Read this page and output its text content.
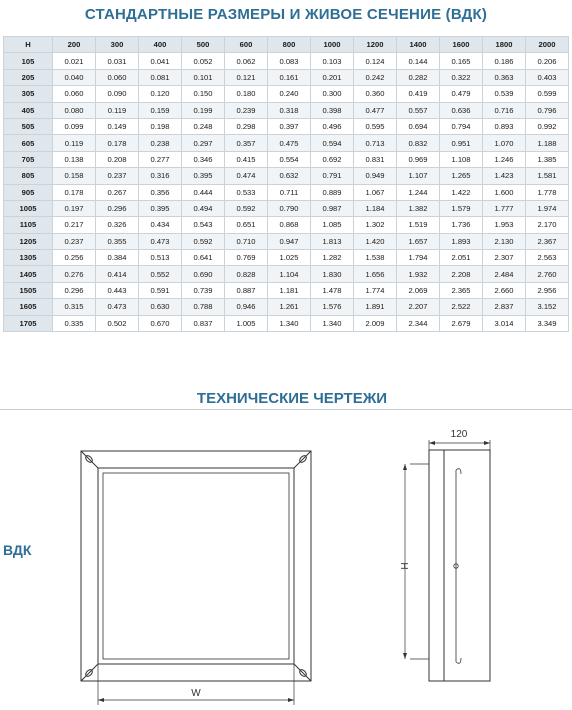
СТАНДАРТНЫЕ РАЗМЕРЫ И ЖИВОЕ СЕЧЕНИЕ (ВДК)
H	200	300	400	500	600	800	1000	1200	1400	1600	1800	2000
105	0.021	0.031	0.041	0.052	0.062	0.083	0.103	0.124	0.144	0.165	0.186	0.206
205	0.040	0.060	0.081	0.101	0.121	0.161	0.201	0.242	0.282	0.322	0.363	0.403
305	0.060	0.090	0.120	0.150	0.180	0.240	0.300	0.360	0.419	0.479	0.539	0.599
405	0.080	0.119	0.159	0.199	0.239	0.318	0.398	0.477	0.557	0.636	0.716	0.796
505	0.099	0.149	0.198	0.248	0.298	0.397	0.496	0.595	0.694	0.794	0.893	0.992
605	0.119	0.178	0.238	0.297	0.357	0.475	0.594	0.713	0.832	0.951	1.070	1.188
705	0.138	0.208	0.277	0.346	0.415	0.554	0.692	0.831	0.969	1.108	1.246	1.385
805	0.158	0.237	0.316	0.395	0.474	0.632	0.791	0.949	1.107	1.265	1.423	1.581
905	0.178	0.267	0.356	0.444	0.533	0.711	0.889	1.067	1.244	1.422	1.600	1.778
1005	0.197	0.296	0.395	0.494	0.592	0.790	0.987	1.184	1.382	1.579	1.777	1.974
1105	0.217	0.326	0.434	0.543	0.651	0.868	1.085	1.302	1.519	1.736	1.953	2.170
1205	0.237	0.355	0.473	0.592	0.710	0.947	1.813	1.420	1.657	1.893	2.130	2.367
1305	0.256	0.384	0.513	0.641	0.769	1.025	1.282	1.538	1.794	2.051	2.307	2.563
1405	0.276	0.414	0.552	0.690	0.828	1.104	1.830	1.656	1.932	2.208	2.484	2.760
1505	0.296	0.443	0.591	0.739	0.887	1.181	1.478	1.774	2.069	2.365	2.660	2.956
1605	0.315	0.473	0.630	0.788	0.946	1.261	1.576	1.891	2.207	2.522	2.837	3.152
1705	0.335	0.502	0.670	0.837	1.005	1.340	1.340	2.009	2.344	2.679	3.014	3.349
ТЕХНИЧЕСКИЕ ЧЕРТЕЖИ
ВДК
W
H
120
